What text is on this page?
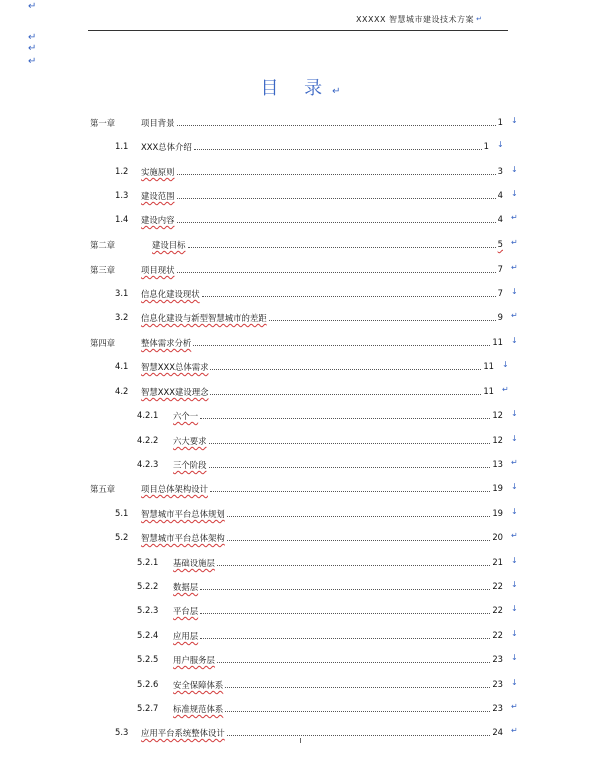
↵
↵
↵
↵
XXXXX 智慧城市建设技术方案 ↵
目 录↵
第一章	项目背景	1 ↓
1.1 XXX总体介绍	1 ↓
1.2 实施原则	3 ↓
1.3 建设范围	4 ↓
1.4 建设内容	4 ↵
第二章	建设目标	5 ↵
第三章	项目现状	7 ↵
3.1 信息化建设现状	7 ↓
3.2 信息化建设与新型智慧城市的差距	9 ↵
第四章	整体需求分析	11 ↓
4.1 智慧XXX总体需求	11 ↓
4.2 智慧XXX建设理念	11 ↵
4.2.1 六个一	12 ↓
4.2.2 六大要求	12 ↓
4.2.3 三个阶段	13 ↵
第五章	项目总体架构设计	19 ↓
5.1 智慧城市平台总体规划	19 ↓
5.2 智慧城市平台总体架构	20 ↵
5.2.1 基础设施层	21 ↓
5.2.2 数据层	22 ↓
5.2.3 平台层	22 ↓
5.2.4 应用层	22 ↓
5.2.5 用户服务层	23 ↓
5.2.6 安全保障体系	23 ↓
5.2.7 标准规范体系	23 ↵
5.3 应用平台系统整体设计	24 ↵
I
